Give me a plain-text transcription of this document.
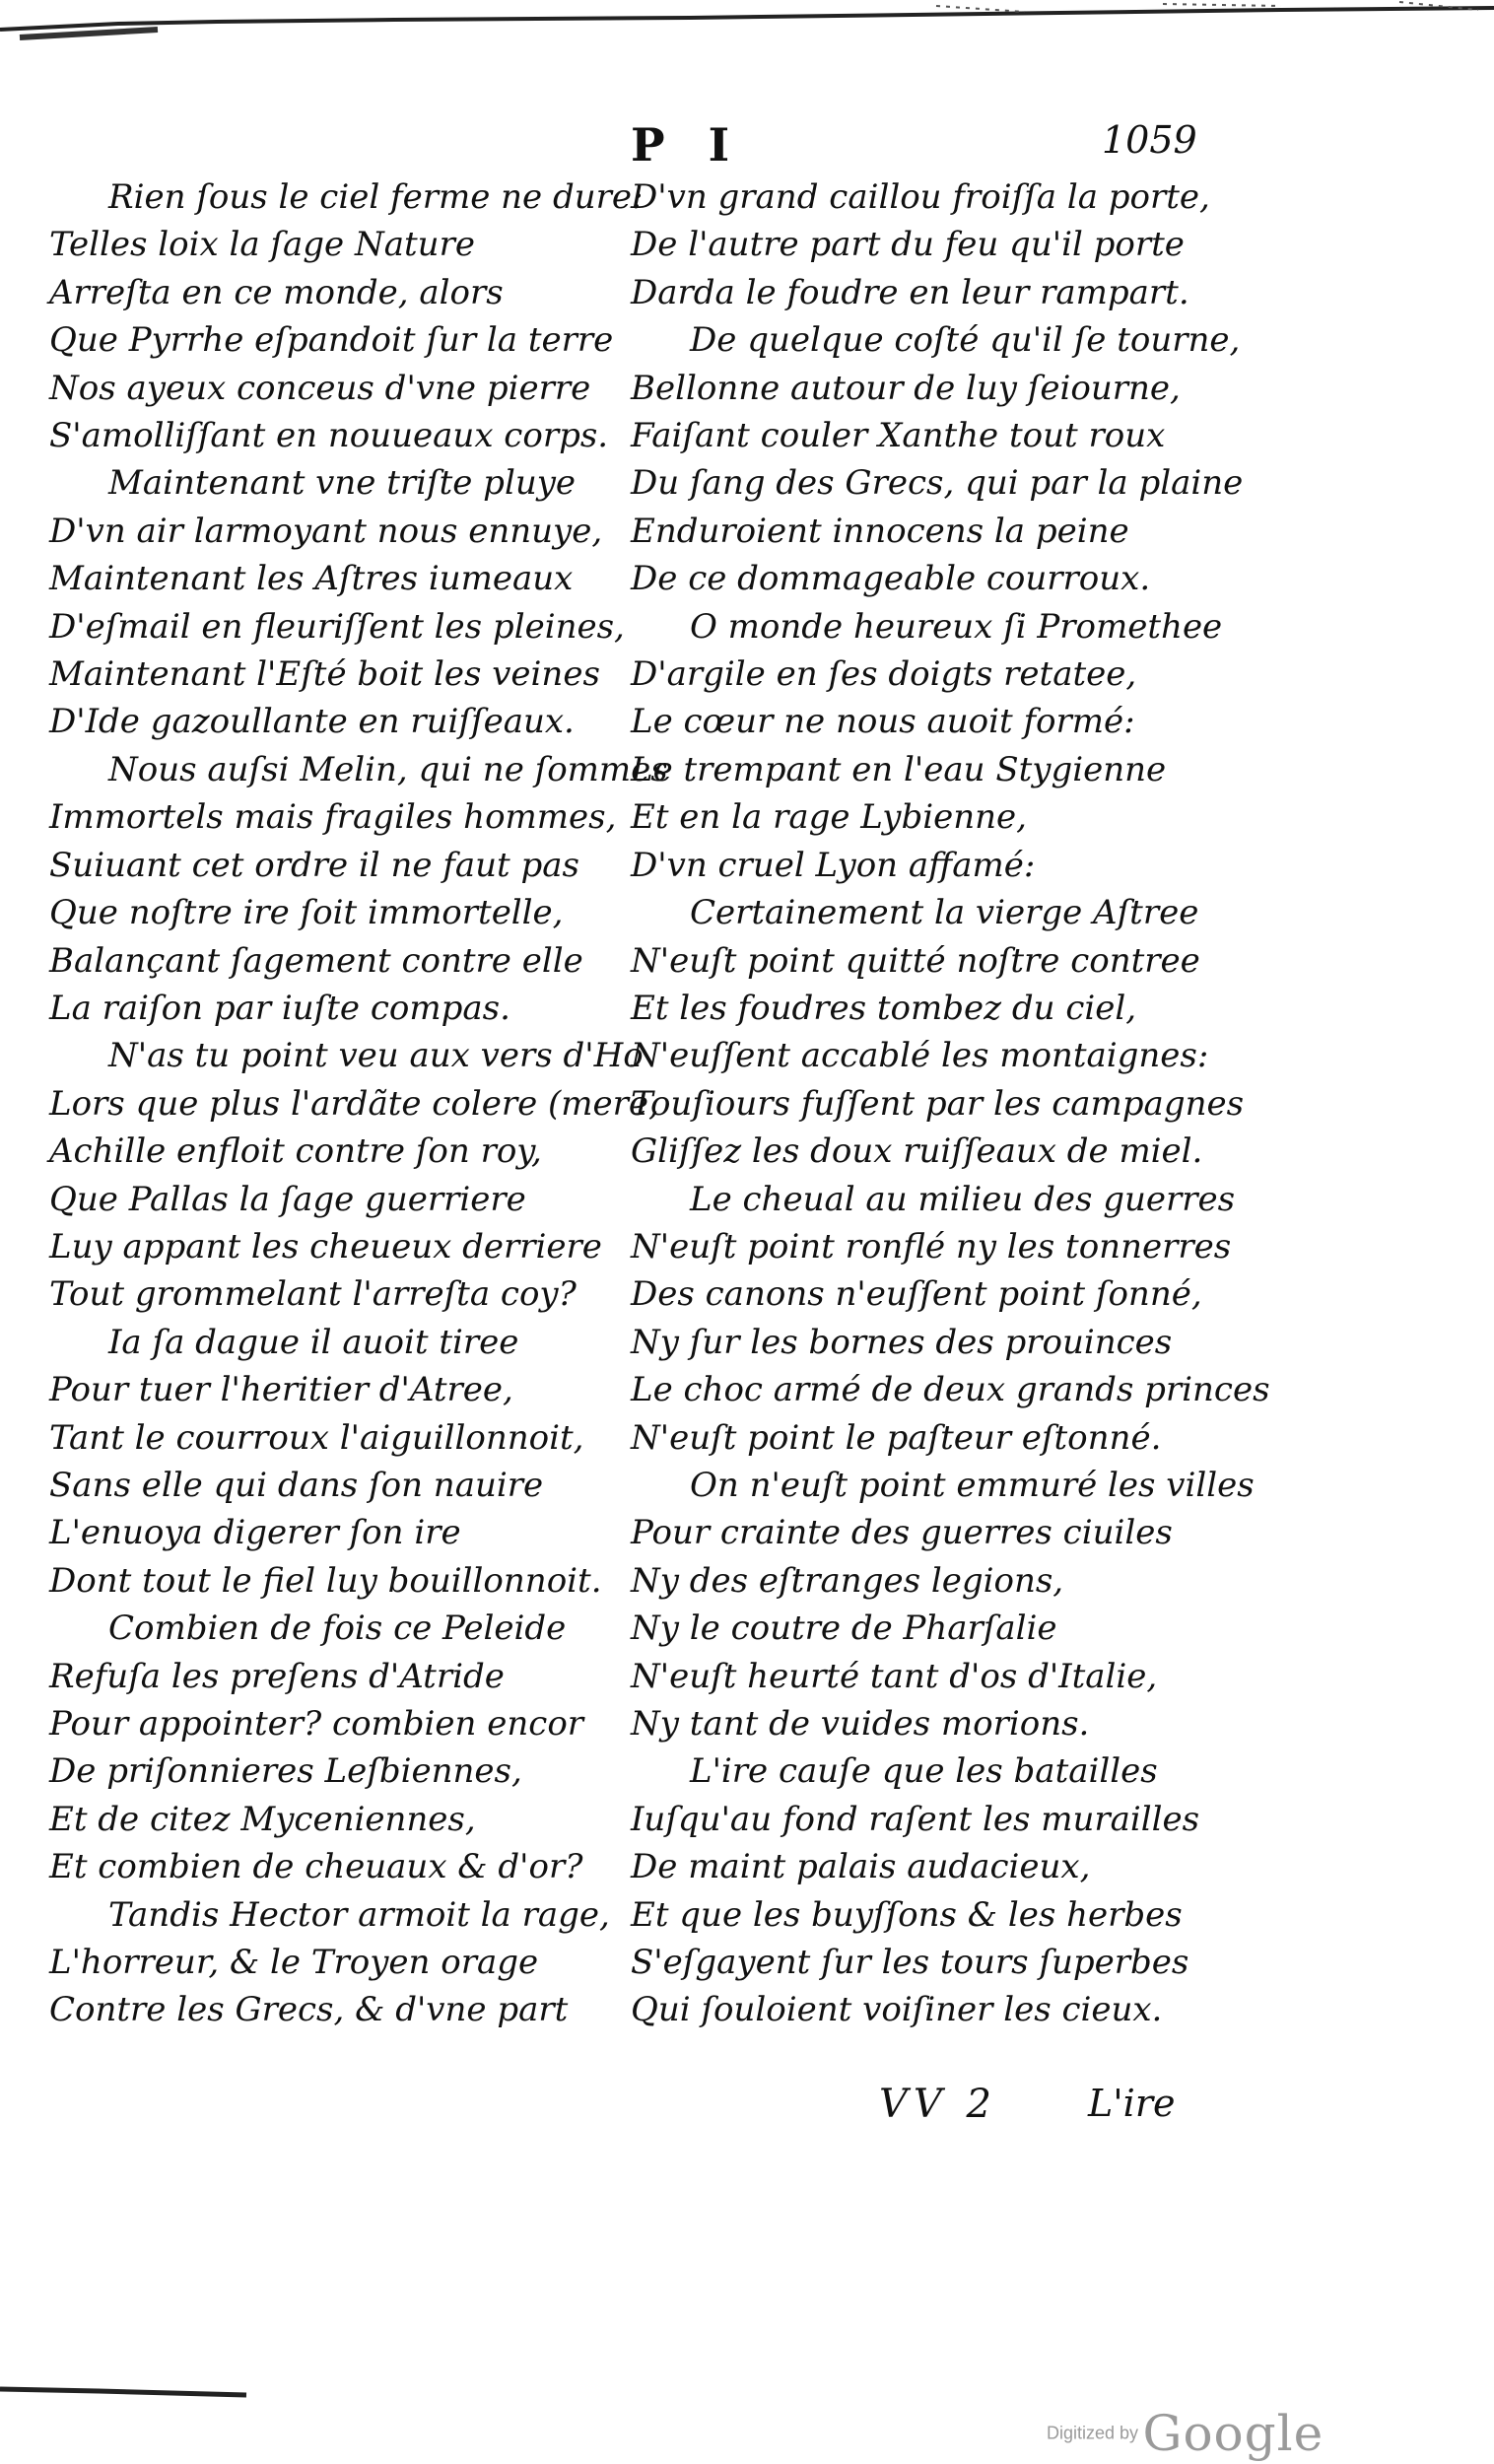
P I	1059
Rien ſous le ciel ferme ne dure:
Telles loix la ſage Nature
Arreſta en ce monde, alors
Que Pyrrhe eſpandoit ſur la terre
Nos ayeux conceus d'vne pierre
S'amolliſſant en nouueaux corps.
Maintenant vne triſte pluye
D'vn air larmoyant nous ennuye,
Maintenant les Aſtres iumeaux
D'eſmail en fleuriſſent les pleines,
Maintenant l'Eſté boit les veines
D'Ide gazoullante en ruiſſeaux.
Nous auſsi Melin, qui ne ſommes
Immortels mais fragiles hommes,
Suiuant cet ordre il ne faut pas
Que noſtre ire ſoit immortelle,
Balançant ſagement contre elle
La raiſon par iuſte compas.
N'as tu point veu aux vers d'Ho
Lors que plus l'ardãte colere (mere,
Achille enfloit contre ſon roy,
Que Pallas la ſage guerriere
Luy appant les cheueux derriere
Tout grommelant l'arreſta coy?
Ia ſa dague il auoit tiree
Pour tuer l'heritier d'Atree,
Tant le courroux l'aiguillonnoit,
Sans elle qui dans ſon nauire
L'enuoya digerer ſon ire
Dont tout le fiel luy bouillonnoit.
Combien de fois ce Peleide
Refuſa les preſens d'Atride
Pour appointer? combien encor
De priſonnieres Leſbiennes,
Et de citez Myceniennes,
Et combien de cheuaux & d'or?
Tandis Hector armoit la rage,
L'horreur, & le Troyen orage
Contre les Grecs, & d'vne part
D'vn grand caillou froiſſa la porte,
De l'autre part du feu qu'il porte
Darda le foudre en leur rampart.
De quelque coſté qu'il ſe tourne,
Bellonne autour de luy ſeiourne,
Faiſant couler Xanthe tout roux
Du ſang des Grecs, qui par la plaine
Enduroient innocens la peine
De ce dommageable courroux.
O monde heureux ſi Promethee
D'argile en ſes doigts retatee,
Le cœur ne nous auoit formé:
Le trempant en l'eau Stygienne
Et en la rage Lybienne,
D'vn cruel Lyon affamé:
Certainement la vierge Aſtree
N'euſt point quitté noſtre contree
Et les foudres tombez du ciel,
N'euſſent accablé les montaignes:
Touſiours fuſſent par les campagnes
Gliſſez les doux ruiſſeaux de miel.
Le cheual au milieu des guerres
N'euſt point ronflé ny les tonnerres
Des canons n'euſſent point ſonné,
Ny ſur les bornes des prouinces
Le choc armé de deux grands princes
N'euſt point le paſteur eſtonné.
On n'euſt point emmuré les villes
Pour crainte des guerres ciuiles
Ny des eſtranges legions,
Ny le coutre de Pharſalie
N'euſt heurté tant d'os d'Italie,
Ny tant de vuides morions.
L'ire cauſe que les batailles
Iuſqu'au fond raſent les murailles
De maint palais audacieux,
Et que les buyſſons & les herbes
S'eſgayent ſur les tours ſuperbes
Qui ſouloient voiſiner les cieux.
VV 2 L'ire
Digitized by Google
